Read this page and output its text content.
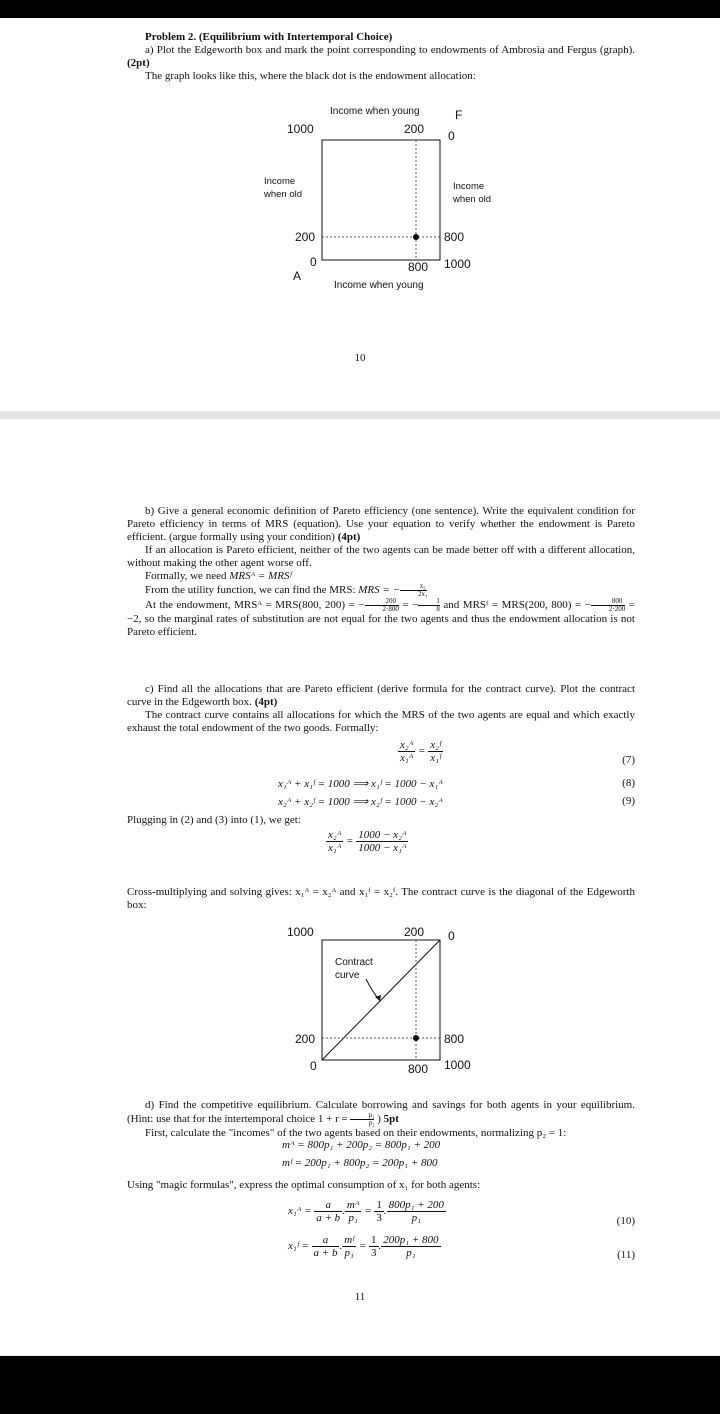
Problem 2. (Equilibrium with Intertemporal Choice)
a) Plot the Edgeworth box and mark the point corresponding to endowments of Ambrosia and Fergus (graph). (2pt)
The graph looks like this, where the black dot is the endowment allocation:
Income when young	F
1000	200 0
Income when old
Income when old
200	800
0
A
800 1000
Income when young
10
b) Give a general economic definition of Pareto efficiency (one sentence). Write the equivalent condition for Pareto efficiency in terms of MRS (equation). Use your equation to verify whether the endowment is Pareto efficient. (argue formally using your condition) (4pt)
If an allocation is Pareto efficient, neither of the two agents can be made better off with a different allocation, without making the other agent worse off.
Formally, we need MRSᴬ = MRSᶠ
From the utility function, we can find the MRS: MRS = − $\frac{\text{x₂}}{\text{2x₁}}$
At the endowment, MRSᴬ = MRS(800, 200) = − $\frac{200}{2\cdot 800}$ = − $\frac{1}{8}$ and MRSᶠ = MRS(200, 800) = − $\frac{800}{2\cdot 200} = -2$, so the marginal rates of substitution are not equal for the two agents and thus the endowment allocation is not Pareto efficient.
c) Find all the allocations that are Pareto efficient (derive formula for the contract curve). Plot the contract curve in the Edgeworth box. (4pt)
The contract curve contains all allocations for which the MRS of the two agents are equal and which exactly exhaust the total endowment of the two goods. Formally:
$\frac{\text{x₂ᴬ}}{\text{x₁ᴬ}} = \frac{\text{x₂ᶠ}}{\text{x₁ᶠ}}$	(7)
x₁ᴬ + x₁ᶠ = 1000 ⟹ x₁ᶠ = 1000 − x₁ᴬ	(8)
x₂ᴬ + x₂ᶠ = 1000 ⟹ x₂ᶠ = 1000 − x₂ᴬ	(9)
Plugging in (2) and (3) into (1), we get:
$\frac{\text{x₂ᴬ}}{\text{x₁ᴬ}} = \frac{\text{1000 − x₂ᴬ}}{\text{1000 − x₁ᴬ}}$
Cross-multiplying and solving gives: x₁ᴬ = x₂ᴬ and x₁ᶠ = x₂ᶠ. The contract curve is the diagonal of the Edgeworth box:
1000	200 0
Contract curve
200	800
0	800 1000
d) Find the competitive equilibrium. Calculate borrowing and savings for both agents in your equilibrium. (Hint: use that for the intertemporal choice $1 + r = \frac{\text{p₁}}{\text{p₂}}$ ) 5pt
First, calculate the "incomes" of the two agents based on their endowments, normalizing p₂ = 1:
mᴬ = 800p₁ + 200p₂ = 800p₁ + 200
mᶠ = 200p₁ + 800p₂ = 200p₁ + 800
Using "magic formulas", express the optimal consumption of x₁ for both agents:
x₁ᴬ = $\frac{a}{a + b}$ . $\frac{\text{mᴬ}}{\text{p₁}} = \frac{1}{3}$ . $\frac{\text{800p₁ + 200}}{\text{p₁}}$	(10)
x₁ᶠ = $\frac{a}{a + b}$ . $\frac{\text{mᶠ}}{\text{p₁}} = \frac{1}{3}$ . $\frac{\text{200p₁ + 800}}{\text{p₁}}$	(11)
11
